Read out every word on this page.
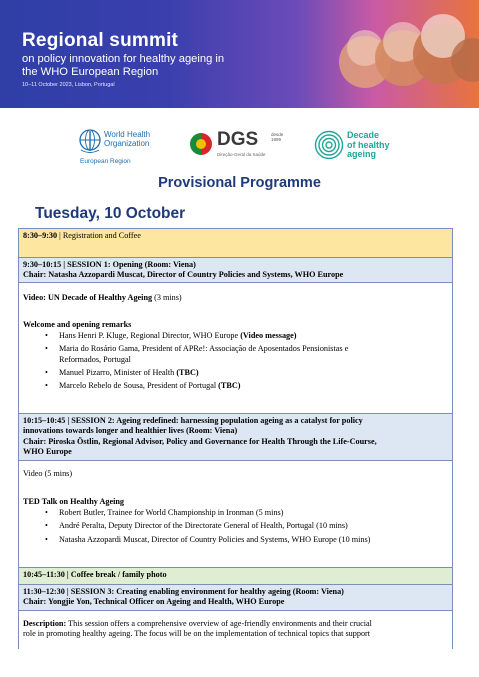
Regional summit
on policy innovation for healthy ageing in
the WHO European Region
10–11 October 2023, Lisbon, Portugal
World Health
Organization
European Region
DGS	desde
1899
Direção-Geral da Saúde
Decade
of healthy
ageing
Provisional Programme
Tuesday, 10 October
8:30–9:30 | Registration and Coffee
9:30–10:15 | SESSION 1: Opening (Room: Viena)
Chair: Natasha Azzopardi Muscat, Director of Country Policies and Systems, WHO Europe
Video: UN Decade of Healthy Ageing (3 mins)
Welcome and opening remarks
• Hans Henri P. Kluge, Regional Director, WHO Europe (Video message)
• Maria do Rosário Gama, President of APRe!: Associação de Aposentados Pensionistas e
Reformados, Portugal
• Manuel Pizarro, Minister of Health (TBC)
• Marcelo Rebelo de Sousa, President of Portugal (TBC)
10:15–10:45 | SESSION 2: Ageing redefined: harnessing population ageing as a catalyst for policy
innovations towards longer and healthier lives (Room: Viena)
Chair: Piroska Östlin, Regional Advisor, Policy and Governance for Health Through the Life-Course,
WHO Europe
Video (5 mins)
TED Talk on Healthy Ageing
• Robert Butler, Trainee for World Championship in Ironman (5 mins)
• André Peralta, Deputy Director of the Directorate General of Health, Portugal (10 mins)
• Natasha Azzopardi Muscat, Director of Country Policies and Systems, WHO Europe (10 mins)
10:45–11:30 | Coffee break / family photo
11:30–12:30 | SESSION 3: Creating enabling environment for healthy ageing (Room: Viena)
Chair: Yongjie Yon, Technical Officer on Ageing and Health, WHO Europe
Description: This session offers a comprehensive overview of age-friendly environments and their crucial
role in promoting healthy ageing. The focus will be on the implementation of technical topics that support
